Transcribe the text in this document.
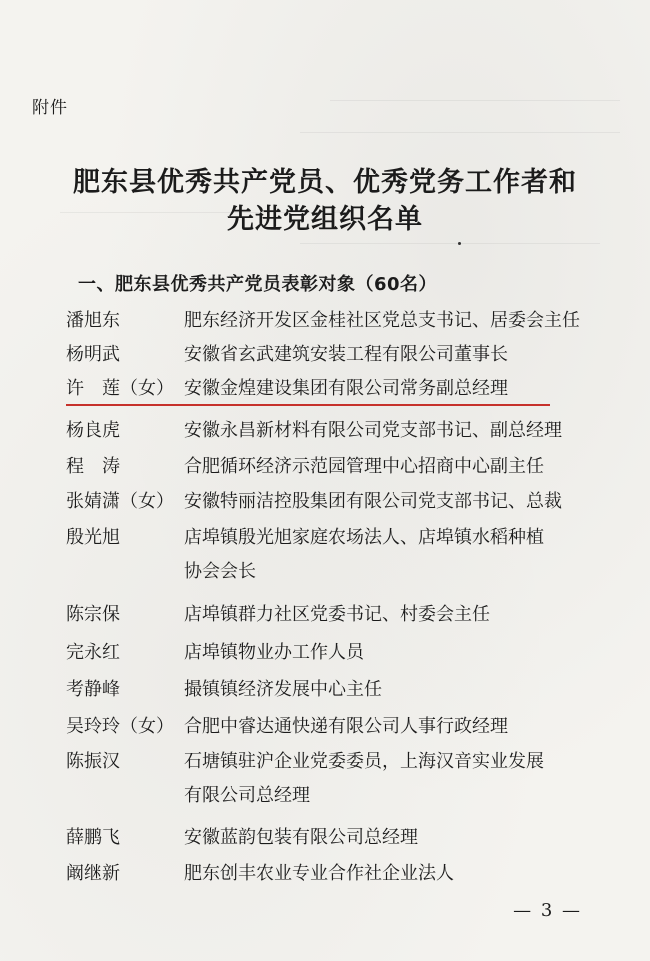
附件
肥东县优秀共产党员、优秀党务工作者和
先进党组织名单
一、肥东县优秀共产党员表彰对象（60名）
潘旭东	肥东经济开发区金桂社区党总支书记、居委会主任
杨明武	安徽省玄武建筑安装工程有限公司董事长
许　莲（女） 安徽金煌建设集团有限公司常务副总经理
杨良虎	安徽永昌新材料有限公司党支部书记、副总经理
程　涛	合肥循环经济示范园管理中心招商中心副主任
张婧潇（女） 安徽特丽洁控股集团有限公司党支部书记、总裁
殷光旭	店埠镇殷光旭家庭农场法人、店埠镇水稻种植
协会会长
陈宗保	店埠镇群力社区党委书记、村委会主任
完永红	店埠镇物业办工作人员
考静峰	撮镇镇经济发展中心主任
吴玲玲（女） 合肥中睿达通快递有限公司人事行政经理
陈振汉	石塘镇驻沪企业党委委员，上海汉音实业发展
有限公司总经理
薛鹏飞	安徽蓝韵包装有限公司总经理
阚继新	肥东创丰农业专业合作社企业法人
— 3 —
